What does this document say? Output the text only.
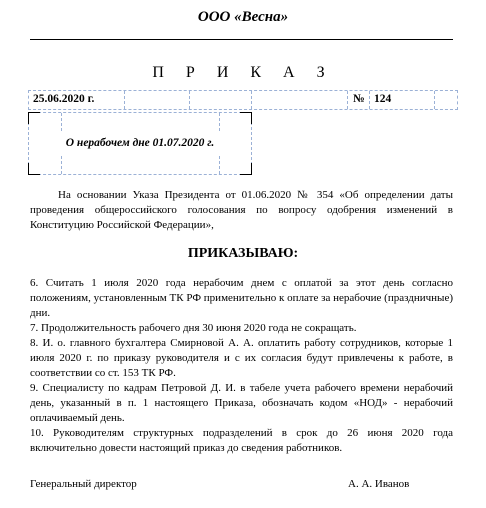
ООО «Весна»
П Р И К А З
25.06.2020 г.	№ 124
О нерабочем дне 01.07.2020 г.
На основании Указа Президента от 01.06.2020 № 354 «Об определении даты проведения общероссийского голосования по вопросу одобрения изменений в Конституцию Российской Федерации»,
ПРИКАЗЫВАЮ:
6. Считать 1 июля 2020 года нерабочим днем с оплатой за этот день согласно положениям, установленным ТК РФ применительно к оплате за нерабочие (праздничные) дни.
7. Продолжительность рабочего дня 30 июня 2020 года не сокращать.
8. И. о. главного бухгалтера Смирновой А. А. оплатить работу сотрудников, которые 1 июля 2020 г. по приказу руководителя и с их согласия будут привлечены к работе, в соответствии со ст. 153 ТК РФ.
9. Специалисту по кадрам Петровой Д. И. в табеле учета рабочего времени нерабочий день, указанный в п. 1 настоящего Приказа, обозначать кодом «НОД» - нерабочий оплачиваемый день.
10. Руководителям структурных подразделений в срок до 26 июня 2020 года включительно довести настоящий приказ до сведения работников.
Генеральный директор	А. А. Иванов
